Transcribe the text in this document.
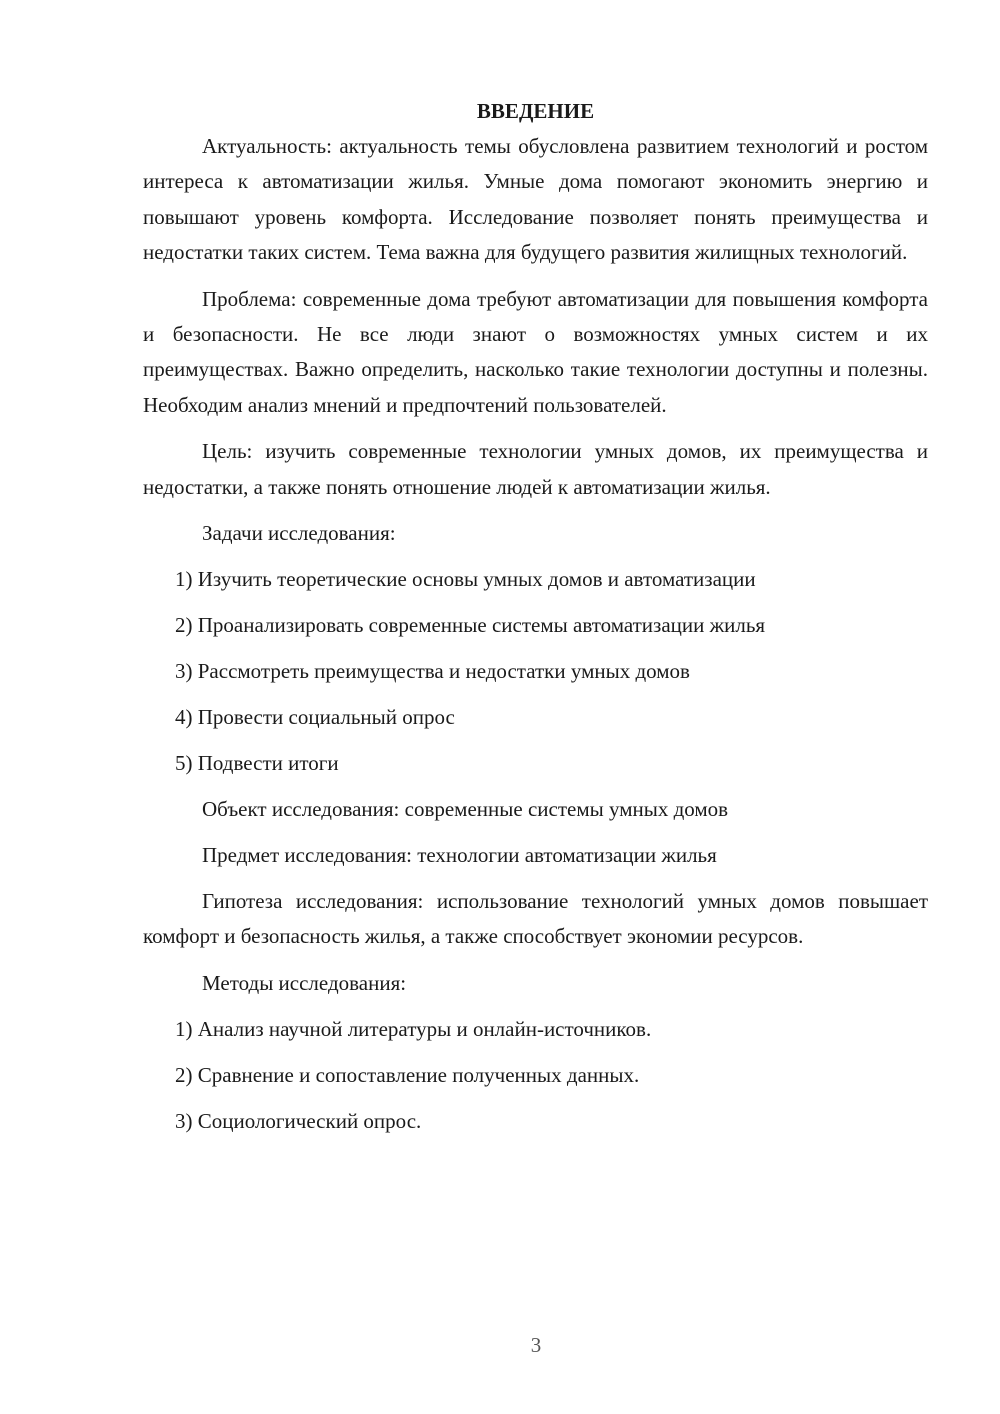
ВВЕДЕНИЕ

Актуальность: актуальность темы обусловлена развитием технологий и ростом интереса к автоматизации жилья. Умные дома помогают экономить энергию и повышают уровень комфорта. Исследование позволяет понять преимущества и недостатки таких систем. Тема важна для будущего развития жилищных технологий.

Проблема: современные дома требуют автоматизации для повышения комфорта и безопасности. Не все люди знают о возможностях умных систем и их преимуществах. Важно определить, насколько такие технологии доступны и полезны. Необходим анализ мнений и предпочтений пользователей.

Цель: изучить современные технологии умных домов, их преимущества и недостатки, а также понять отношение людей к автоматизации жилья.

Задачи исследования:
1) Изучить теоретические основы умных домов и автоматизации
2) Проанализировать современные системы автоматизации жилья
3) Рассмотреть преимущества и недостатки умных домов
4) Провести социальный опрос
5) Подвести итоги
Объект исследования: современные системы умных домов
Предмет исследования: технологии автоматизации жилья

Гипотеза исследования: использование технологий умных домов повышает комфорт и безопасность жилья, а также способствует экономии ресурсов.

Методы исследования:
1) Анализ научной литературы и онлайн-источников.
2) Сравнение и сопоставление полученных данных.
3) Социологический опрос.
3
